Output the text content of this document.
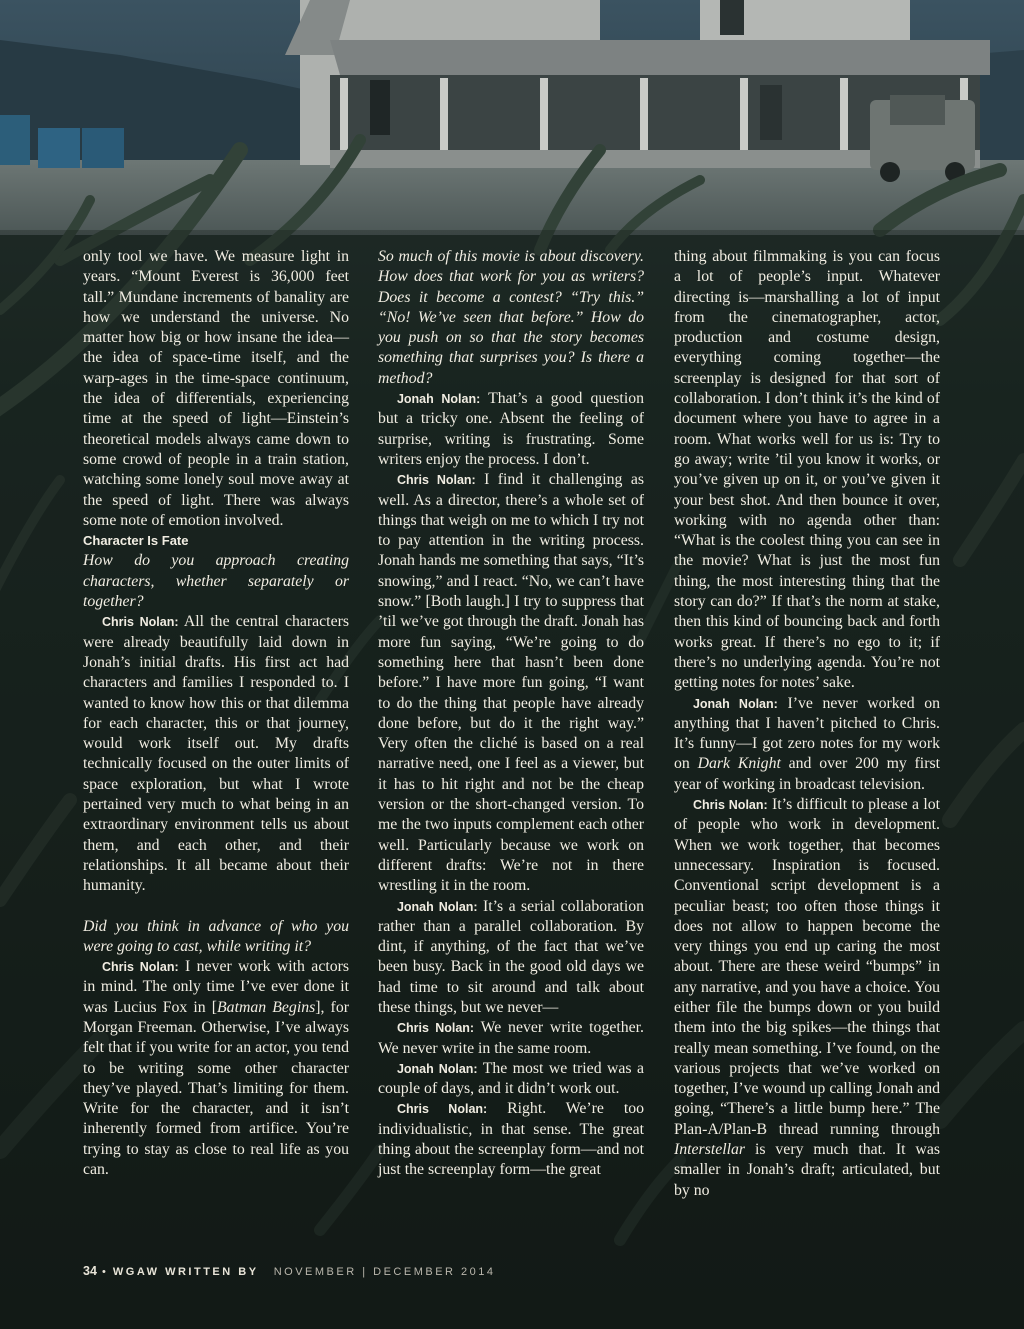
only tool we have. We measure light in years. “Mount Everest is 36,000 feet tall.” Mundane increments of banality are how we understand the universe. No matter how big or how insane the idea—the idea of space-time itself, and the warp-ages in the time-space continuum, the idea of differentials, experiencing time at the speed of light—Einstein’s theoretical models always came down to some crowd of people in a train station, watching some lonely soul move away at the speed of light. There was always some note of emotion involved.

Character Is Fate

How do you approach creating characters, whether separately or together?

Chris Nolan: All the central characters were already beautifully laid down in Jonah’s initial drafts. His first act had characters and families I responded to. I wanted to know how this or that dilemma for each character, this or that journey, would work itself out. My drafts technically focused on the outer limits of space exploration, but what I wrote pertained very much to what being in an extraordinary environment tells us about them, and each other, and their relationships. It all became about their humanity.

Did you think in advance of who you were going to cast, while writing it?

Chris Nolan: I never work with actors in mind. The only time I’ve ever done it was Lucius Fox in [Batman Begins], for Morgan Freeman. Otherwise, I’ve always felt that if you write for an actor, you tend to be writing some other character they’ve played. That’s limiting for them. Write for the character, and it isn’t inherently formed from artifice. You’re trying to stay as close to real life as you can.

So much of this movie is about discovery. How does that work for you as writers? Does it become a contest? “Try this.” “No! We’ve seen that before.” How do you push on so that the story becomes something that surprises you? Is there a method?

Jonah Nolan: That’s a good question but a tricky one. Absent the feeling of surprise, writing is frustrating. Some writers enjoy the process. I don’t.

Chris Nolan: I find it challenging as well. As a director, there’s a whole set of things that weigh on me to which I try not to pay attention in the writing process. Jonah hands me something that says, “It’s snowing,” and I react. “No, we can’t have snow.” [Both laugh.] I try to suppress that ’til we’ve got through the draft. Jonah has more fun saying, “We’re going to do something here that hasn’t been done before.” I have more fun going, “I want to do the thing that people have already done before, but do it the right way.” Very often the cliché is based on a real narrative need, one I feel as a viewer, but it has to hit right and not be the cheap version or the short-changed version. To me the two inputs complement each other well. Particularly because we work on different drafts: We’re not in there wrestling it in the room.

Jonah Nolan: It’s a serial collaboration rather than a parallel collaboration. By dint, if anything, of the fact that we’ve been busy. Back in the good old days we had time to sit around and talk about these things, but we never—

Chris Nolan: We never write together. We never write in the same room.

Jonah Nolan: The most we tried was a couple of days, and it didn’t work out.

Chris Nolan: Right. We’re too individualistic, in that sense. The great thing about the screenplay form—and not just the screenplay form—the great

thing about filmmaking is you can focus a lot of people’s input. Whatever directing is—marshalling a lot of input from the cinematographer, actor, production and costume design, everything coming together—the screenplay is designed for that sort of collaboration. I don’t think it’s the kind of document where you have to agree in a room. What works well for us is: Try to go away; write ’til you know it works, or you’ve given up on it, or you’ve given it your best shot. And then bounce it over, working with no agenda other than: “What is the coolest thing you can see in the movie? What is just the most fun thing, the most interesting thing that the story can do?” If that’s the norm at stake, then this kind of bouncing back and forth works great. If there’s no ego to it; if there’s no underlying agenda. You’re not getting notes for notes’ sake.

Jonah Nolan: I’ve never worked on anything that I haven’t pitched to Chris. It’s funny—I got zero notes for my work on Dark Knight and over 200 my first year of working in broadcast television.

Chris Nolan: It’s difficult to please a lot of people who work in development. When we work together, that becomes unnecessary. Inspiration is focused. Conventional script development is a peculiar beast; too often those things it does not allow to happen become the very things you end up caring the most about. There are these weird “bumps” in any narrative, and you have a choice. You either file the bumps down or you build them into the big spikes—the things that really mean something. I’ve found, on the various projects that we’ve worked on together, I’ve wound up calling Jonah and going, “There’s a little bump here.” The Plan-A/Plan-B thread running through Interstellar is very much that. It was smaller in Jonah’s draft; articulated, but by no

34 • WGAW WRITTEN BY NOVEMBER | DECEMBER 2014
